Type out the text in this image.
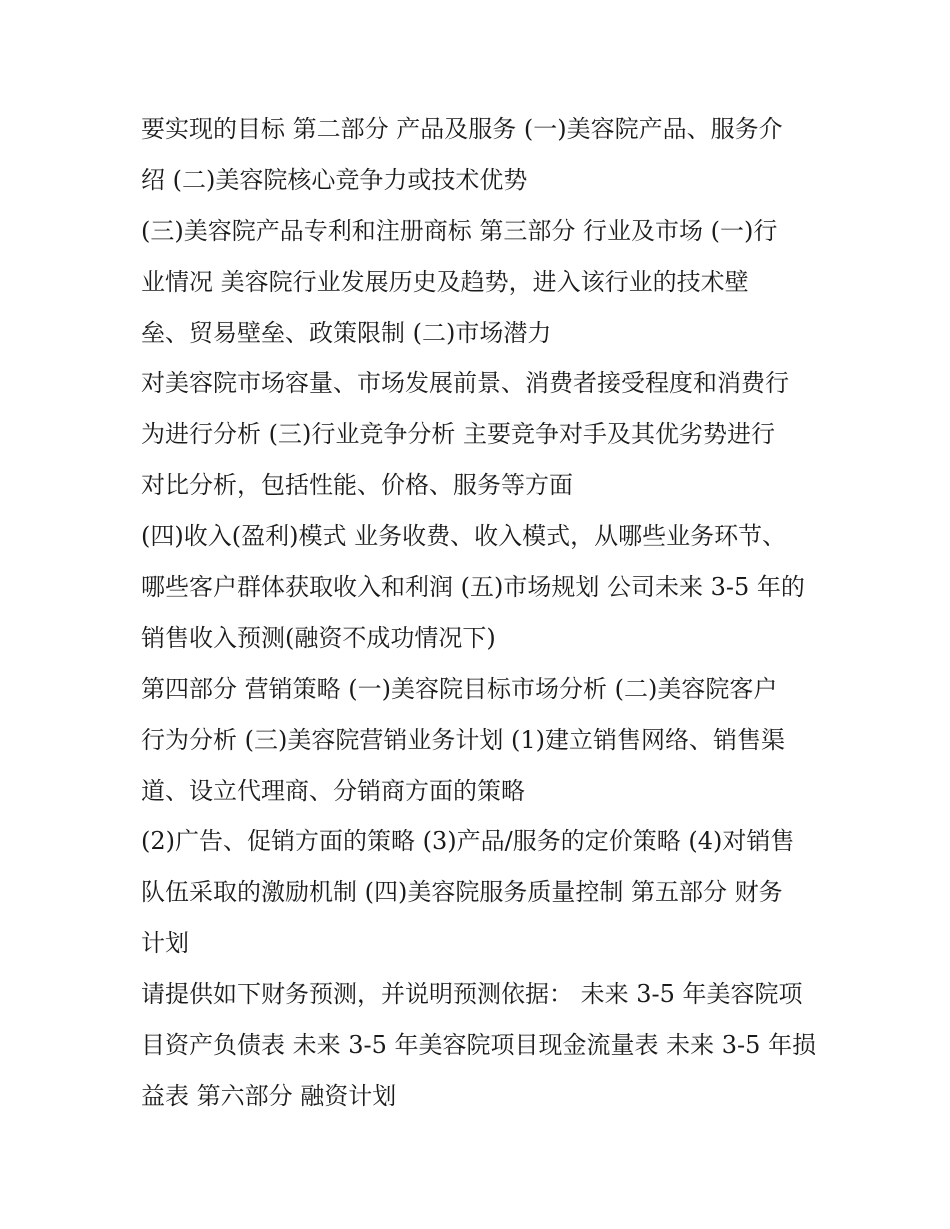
要实现的目标 第二部分 产品及服务 (一)美容院产品、服务介
绍 (二)美容院核心竞争力或技术优势
(三)美容院产品专利和注册商标 第三部分 行业及市场 (一)行
业情况 美容院行业发展历史及趋势，进入该行业的技术壁
垒、贸易壁垒、政策限制 (二)市场潜力
对美容院市场容量、市场发展前景、消费者接受程度和消费行
为进行分析 (三)行业竞争分析 主要竞争对手及其优劣势进行
对比分析，包括性能、价格、服务等方面
(四)收入(盈利)模式 业务收费、收入模式，从哪些业务环节、
哪些客户群体获取收入和利润 (五)市场规划 公司未来 3-5 年的
销售收入预测(融资不成功情况下)
第四部分 营销策略 (一)美容院目标市场分析 (二)美容院客户
行为分析 (三)美容院营销业务计划 (1)建立销售网络、销售渠
道、设立代理商、分销商方面的策略
(2)广告、促销方面的策略 (3)产品/服务的定价策略 (4)对销售
队伍采取的激励机制 (四)美容院服务质量控制 第五部分 财务
计划
请提供如下财务预测，并说明预测依据： 未来 3-5 年美容院项
目资产负债表 未来 3-5 年美容院项目现金流量表 未来 3-5 年损
益表 第六部分 融资计划
